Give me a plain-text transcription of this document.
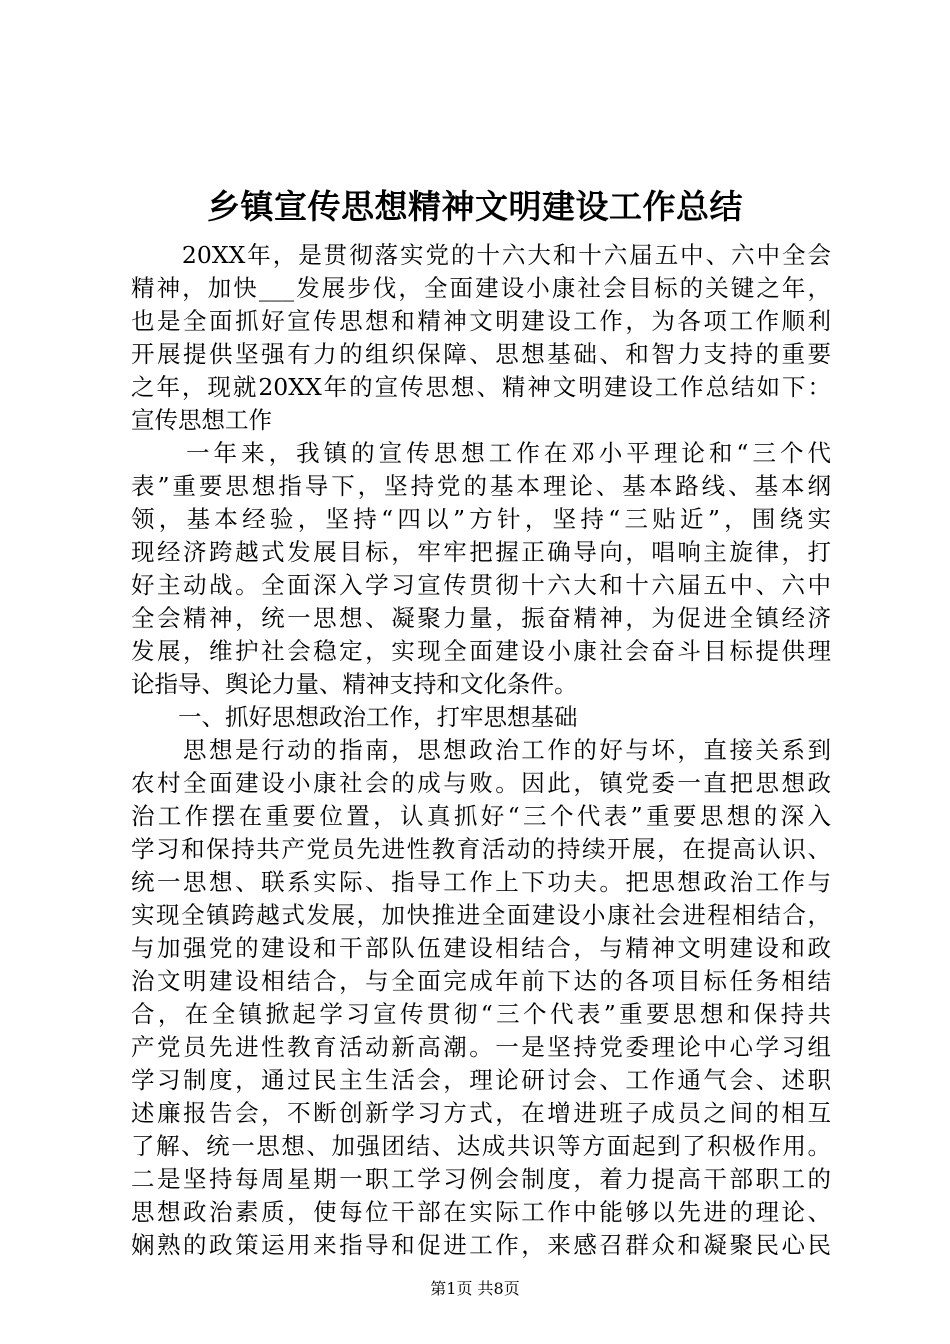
乡镇宣传思想精神文明建设工作总结
　　20XX年，是贯彻落实党的十六大和十六届五中、六中全会
精神，加快___发展步伐，全面建设小康社会目标的关键之年，
也是全面抓好宣传思想和精神文明建设工作，为各项工作顺利
开展提供坚强有力的组织保障、思想基础、和智力支持的重要
之年，现就20XX年的宣传思想、精神文明建设工作总结如下：
宣传思想工作
　　一年来，我镇的宣传思想工作在邓小平理论和“三个代
表”重要思想指导下，坚持党的基本理论、基本路线、基本纲
领，基本经验，坚持“四以”方针，坚持“三贴近”，围绕实
现经济跨越式发展目标，牢牢把握正确导向，唱响主旋律，打
好主动战。全面深入学习宣传贯彻十六大和十六届五中、六中
全会精神，统一思想、凝聚力量，振奋精神，为促进全镇经济
发展，维护社会稳定，实现全面建设小康社会奋斗目标提供理
论指导、舆论力量、精神支持和文化条件。
　　一、抓好思想政治工作，打牢思想基础
　　思想是行动的指南，思想政治工作的好与坏，直接关系到
农村全面建设小康社会的成与败。因此，镇党委一直把思想政
治工作摆在重要位置，认真抓好“三个代表”重要思想的深入
学习和保持共产党员先进性教育活动的持续开展，在提高认识、
统一思想、联系实际、指导工作上下功夫。把思想政治工作与
实现全镇跨越式发展，加快推进全面建设小康社会进程相结合，
与加强党的建设和干部队伍建设相结合，与精神文明建设和政
治文明建设相结合，与全面完成年前下达的各项目标任务相结
合，在全镇掀起学习宣传贯彻“三个代表”重要思想和保持共
产党员先进性教育活动新高潮。一是坚持党委理论中心学习组
学习制度，通过民主生活会，理论研讨会、工作通气会、述职
述廉报告会，不断创新学习方式，在增进班子成员之间的相互
了解、统一思想、加强团结、达成共识等方面起到了积极作用。
二是坚持每周星期一职工学习例会制度，着力提高干部职工的
思想政治素质，使每位干部在实际工作中能够以先进的理论、
娴熟的政策运用来指导和促进工作，来感召群众和凝聚民心民
第1页 共8页
